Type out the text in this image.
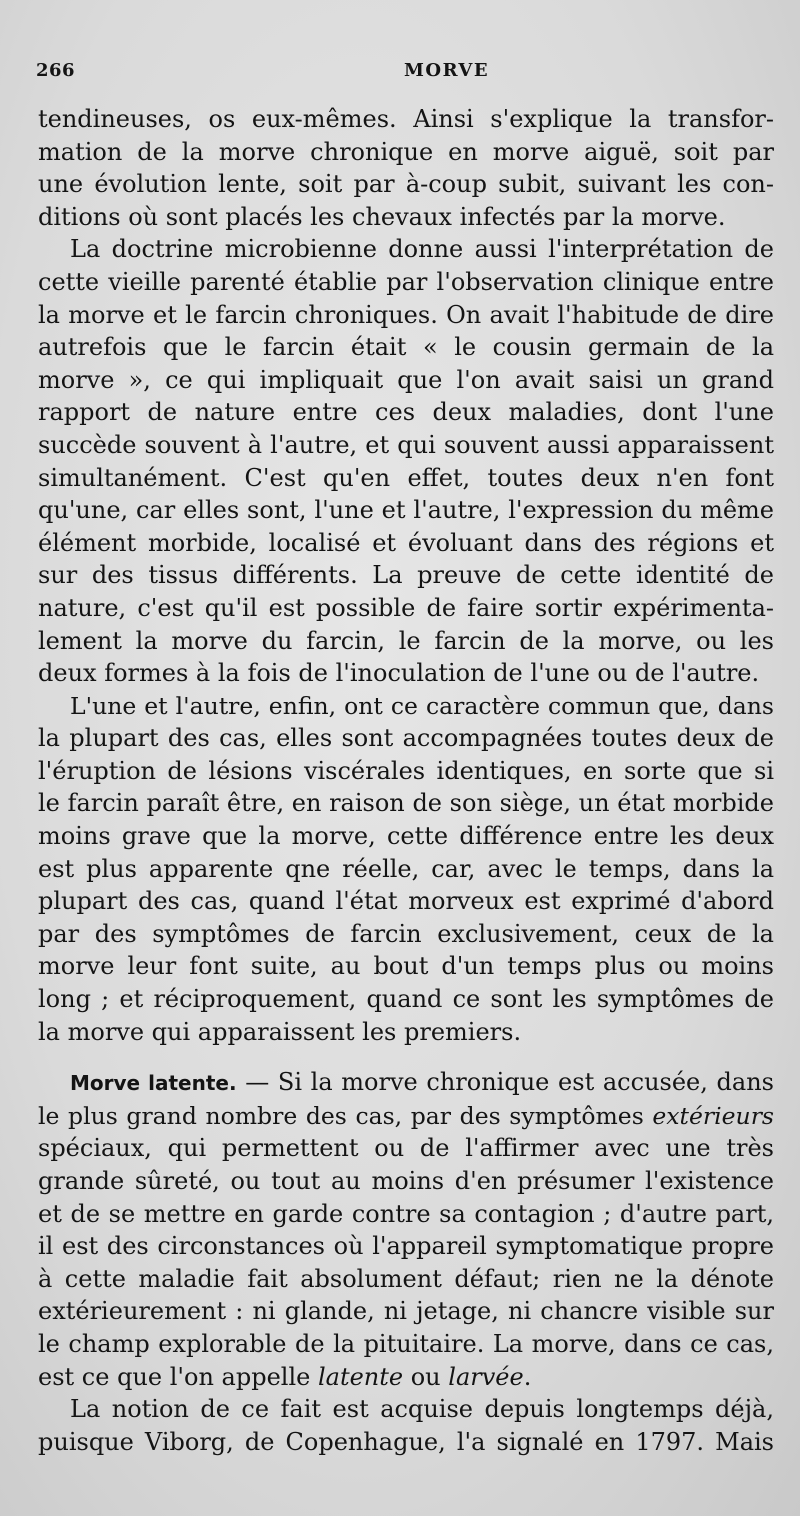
266	MORVE
tendineuses, os eux-mêmes. Ainsi s'explique la transfor-
mation de la morve chronique en morve aiguë, soit par
une évolution lente, soit par à-coup subit, suivant les con-
ditions où sont placés les chevaux infectés par la morve.
La doctrine microbienne donne aussi l'interprétation de
cette vieille parenté établie par l'observation clinique entre
la morve et le farcin chroniques. On avait l'habitude de dire
autrefois que le farcin était « le cousin germain de la
morve », ce qui impliquait que l'on avait saisi un grand
rapport de nature entre ces deux maladies, dont l'une
succède souvent à l'autre, et qui souvent aussi apparaissent
simultanément. C'est qu'en effet, toutes deux n'en font
qu'une, car elles sont, l'une et l'autre, l'expression du même
élément morbide, localisé et évoluant dans des régions et
sur des tissus différents. La preuve de cette identité de
nature, c'est qu'il est possible de faire sortir expérimenta-
lement la morve du farcin, le farcin de la morve, ou les
deux formes à la fois de l'inoculation de l'une ou de l'autre.
L'une et l'autre, enfin, ont ce caractère commun que, dans
la plupart des cas, elles sont accompagnées toutes deux de
l'éruption de lésions viscérales identiques, en sorte que si
le farcin paraît être, en raison de son siège, un état morbide
moins grave que la morve, cette différence entre les deux
est plus apparente qne réelle, car, avec le temps, dans la
plupart des cas, quand l'état morveux est exprimé d'abord
par des symptômes de farcin exclusivement, ceux de la
morve leur font suite, au bout d'un temps plus ou moins
long ; et réciproquement, quand ce sont les symptômes de
la morve qui apparaissent les premiers.
Morve latente. — Si la morve chronique est accusée, dans
le plus grand nombre des cas, par des symptômes extérieurs
spéciaux, qui permettent ou de l'affirmer avec une très
grande sûreté, ou tout au moins d'en présumer l'existence
et de se mettre en garde contre sa contagion ; d'autre part,
il est des circonstances où l'appareil symptomatique propre
à cette maladie fait absolument défaut; rien ne la dénote
extérieurement : ni glande, ni jetage, ni chancre visible sur
le champ explorable de la pituitaire. La morve, dans ce cas,
est ce que l'on appelle latente ou larvée.
La notion de ce fait est acquise depuis longtemps déjà,
puisque Viborg, de Copenhague, l'a signalé en 1797. Mais
